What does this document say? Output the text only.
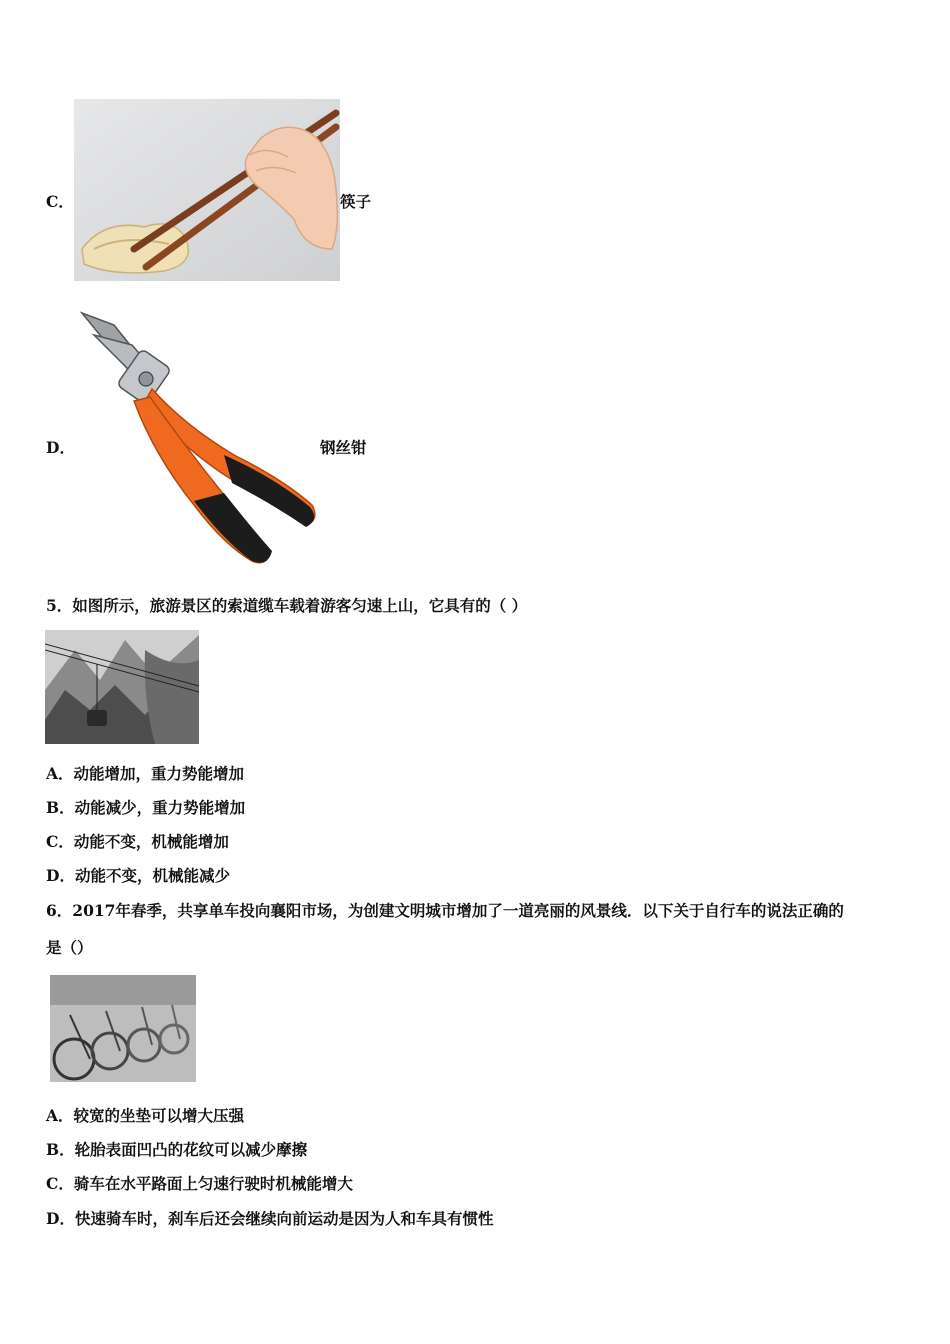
C．	筷子
D．	钢丝钳
5．如图所示，旅游景区的索道缆车载着游客匀速上山，它具有的（ ）
A．动能增加，重力势能增加
B．动能减少，重力势能增加
C．动能不变，机械能增加
D．动能不变，机械能减少
6．2017年春季，共享单车投向襄阳市场，为创建文明城市增加了一道亮丽的风景线．以下关于自行车的说法正确的
是（）
A．较宽的坐垫可以增大压强
B．轮胎表面凹凸的花纹可以减少摩擦
C．骑车在水平路面上匀速行驶时机械能增大
D．快速骑车时，刹车后还会继续向前运动是因为人和车具有惯性
